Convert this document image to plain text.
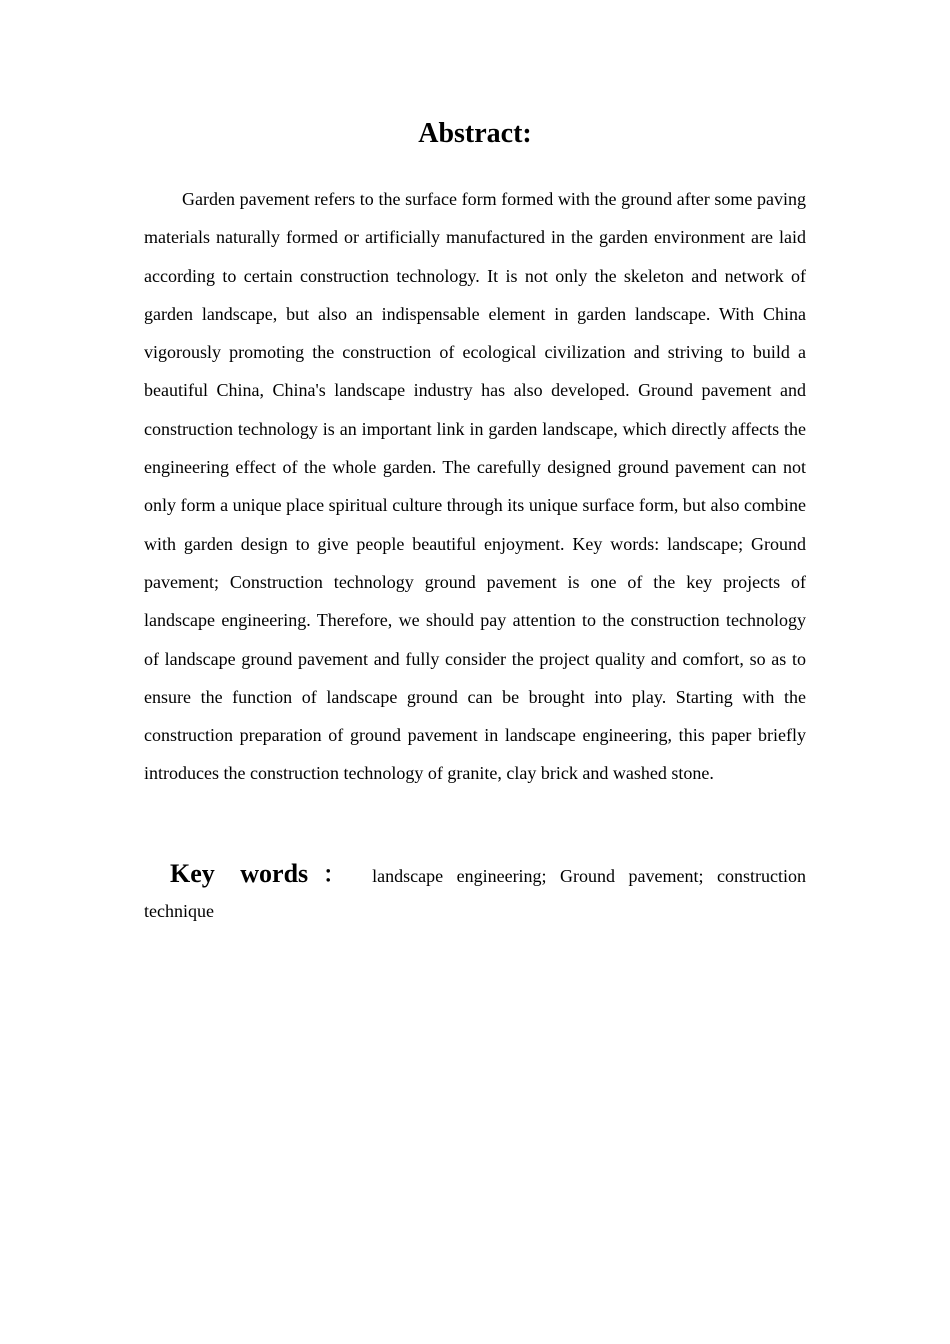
Abstract:

Garden pavement refers to the surface form formed with the ground after some paving materials naturally formed or artificially manufactured in the garden environment are laid according to certain construction technology. It is not only the skeleton and network of garden landscape, but also an indispensable element in garden landscape. With China vigorously promoting the construction of ecological civilization and striving to build a beautiful China, China's landscape industry has also developed. Ground pavement and construction technology is an important link in garden landscape, which directly affects the engineering effect of the whole garden. The carefully designed ground pavement can not only form a unique place spiritual culture through its unique surface form, but also combine with garden design to give people beautiful enjoyment. Key words: landscape; Ground pavement; Construction technology ground pavement is one of the key projects of landscape engineering. Therefore, we should pay attention to the construction technology of landscape ground pavement and fully consider the project quality and comfort, so as to ensure the function of landscape ground can be brought into play. Starting with the construction preparation of ground pavement in landscape engineering, this paper briefly introduces the construction technology of granite, clay brick and washed stone.

Key words ： landscape engineering; Ground pavement; construction technique
